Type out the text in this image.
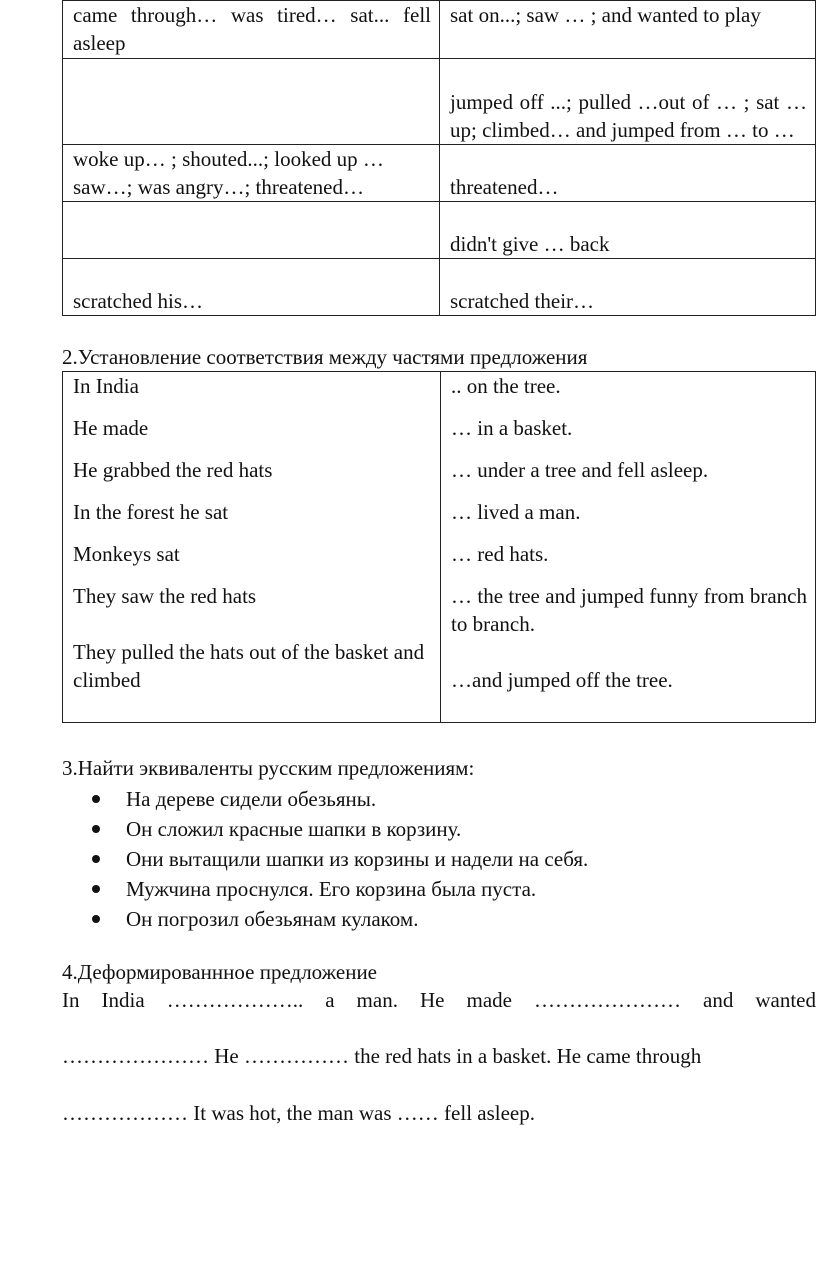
came through… was tired… sat... fell asleep	sat on...; saw … ; and wanted to play
	jumped off ...; pulled …out of … ; sat … up; climbed… and jumped from … to …
woke up… ; shouted...; looked up … saw…; was angry…; threatened…	threatened…
	didn't give … back
scratched his…	scratched their…
2.Установление соответствия между частями предложения
In India	.. on the tree.
He made	… in a basket.
He grabbed the red hats	… under a tree and fell asleep.
In the forest he sat	… lived a man.
Monkeys sat	… red hats.
They saw the red hats	… the tree and jumped funny from branch to branch.
They pulled the hats out of the basket and climbed	…and jumped off the tree.
3.Найти эквиваленты русским предложениям:
На дереве сидели обезьяны.
Он сложил красные шапки в корзину.
Они вытащили шапки из корзины и надели на себя.
Мужчина проснулся. Его корзина была пуста.
Он погрозил обезьянам кулаком.
4.Деформированнное предложение
In India ……………….. a man. He made ………………… and wanted
………………… He …………… the red hats in a basket. He came through
……………… It was hot, the man was …… fell asleep.
